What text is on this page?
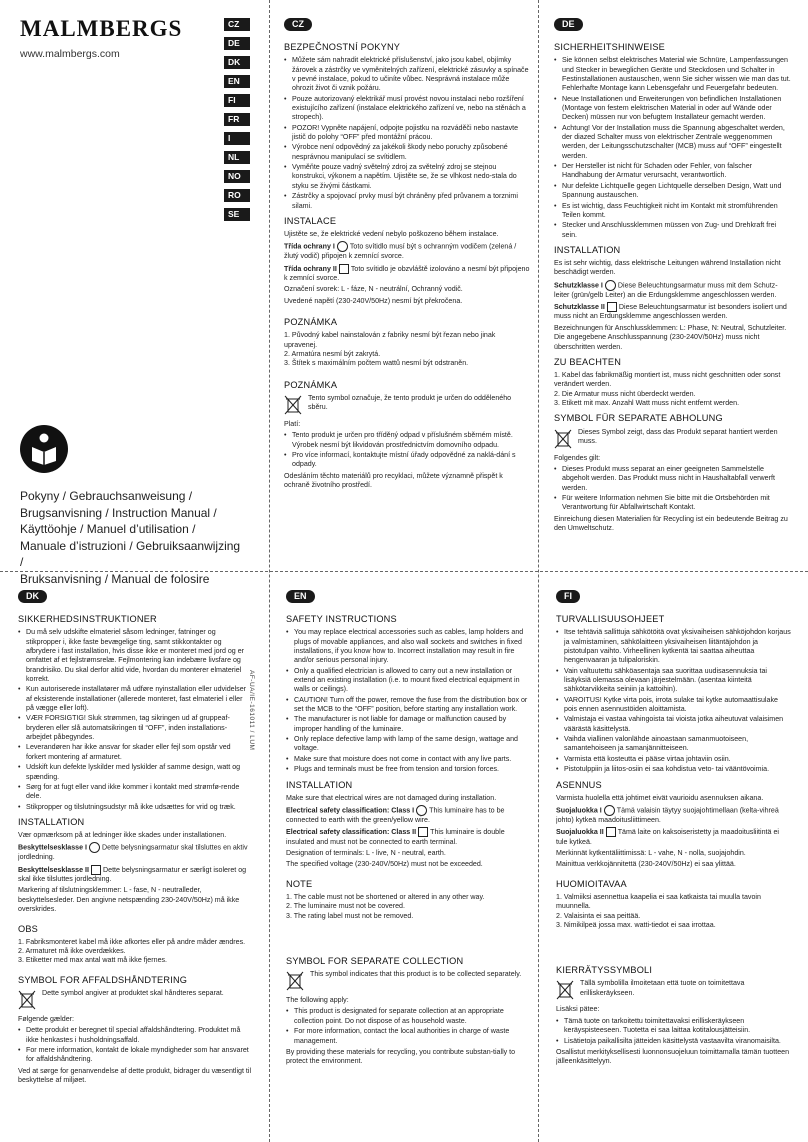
MALMBERGS
www.malmbergs.com
CZ
DE
DK
EN
FI
FR
I
NL
NO
RO
SE
Pokyny / Gebrauchsanweisung /
Brugsanvisning / Instruction Manual /
Käyttöohje / Manuel d’utilisation /
Manuale d’istruzioni / Gebruiksaanwijzing /
Bruksanvisning / Manual de folosire
AF-UA/IE-161011 / LUM
CZ
BEZPEČNOSTNÍ POKYNY
• Můžete sám nahradit elektrické příslušenství, jako jsou kabel, objímky žárovek a zástrčky ve vyměnitelných zařízení, elektrické zásuvky a spínače v pevné instalace, pokud to učiníte vůbec. Nesprávná instalace může ohrozit život či vznik požáru.
• Pouze autorizovaný elektrikář musí provést novou instalaci nebo rozšíření existujícího zařízení (instalace elektrického zařízení ve, nebo na stěnách a stropech).
• POZOR! Vypněte napájení, odpojte pojistku na rozváděči nebo nastavte jistič do polohy “OFF” před montážní prácou.
• Výrobce není odpovědný za jakékoli škody nebo poruchy způsobené nesprávnou manipulací se svítidlem.
• Vyměňte pouze vadný světelný zdroj za světelný zdroj se stejnou konstrukci, výkonem a napětím. Ujistěte se, že se vlhkost nedo-stala do styku se živými částkami.
• Zástrčky a spojovací prvky musí být chráněny před průvanem a torznimi silami.
INSTALACE

Ujistěte se, že elektrické vedení nebylo poškozeno během instalace.

Třída ochrany I Toto svítidlo musí být s ochranným vodičem (zelená / žlutý vodič) připojen k zemnící svorce.

Třída ochrany II Toto svítidlo je obzvláště izolováno a nesmí být připojeno k zemnící svorce.

Označení svorek: L - fáze, N - neutrální, Ochranný vodič.

Uvedené napětí (230-240V/50Hz) nesmí být překročena.

POZNÁMKA
1. Původný kabel nainstalován z fabriky nesmí být řezan nebo jinak upravenej.
2. Armatúra nesmí být zakrytá.
3. Štítek s maximálním počtem wattů nesmí být odstraněn.
POZNÁMKA

Tento symbol označuje, že tento produkt je určen do odděleného sběru.

Platí:

• Tento produkt je určen pro tříděný odpad v příslušném sběrném místě. Výrobek nesmí být likvidován prostřednictvím domovního odpadu.
• Pro více informací, kontaktujte místní úřady odpovědné za naklá-dání s odpady.

Odesláním těchto materiálů pro recyklaci, můžete významně přispět k ochraně životního prostředí.

DE
SICHERHEITSHINWEISE
• Sie können selbst elektrisches Material wie Schnüre, Lampenfassungen und Stecker in beweglichen Geräte und Steckdosen und Schalter in Festinstallationen austauschen, wenn Sie sicher wissen wie man das tut. Fehlerhafte Montage kann Lebensgefahr und Feuergefahr bedeuten.
• Neue Installationen und Erweiterungen von befindlichen Installationen (Montage von festem elektrischen Material in oder auf Wände oder Decken) müssen nur von befugtem Installateur gemacht werden.
• Achtung! Vor der Installation muss die Spannung abgeschaltet werden, der diazed Schalter muss von elektrischer Zentrale weggenommen werden, der Leitungsschutzschalter (MCB) muss auf “OFF” eingestellt werden.
• Der Hersteller ist nicht für Schaden oder Fehler, von falscher Handhabung der Armatur verursacht, verantwortlich.
• Nur defekte Lichtquelle gegen Lichtquelle derselben Design, Watt und Spannung austauschen.
• Es ist wichtig, dass Feuchtigkeit nicht im Kontakt mit stromführenden Teilen kommt.
• Stecker und Anschlussklemmen müssen von Zug- und Drehkraft frei sein.
INSTALLATION

Es ist sehr wichtig, dass elektrische Leitungen während Installation nicht beschädigt werden.

Schutzklasse I Diese Beleuchtungsarmatur muss mit dem Schutz-leiter (grün/gelb Leiter) an die Erdungsklemme angeschlossen werden.

Schutzklasse II Diese Beleuchtungsarmatur ist besonders isoliert und muss nicht an Erdungsklemme angeschlossen werden.

Bezeichnungen für Anschlussklemmen: L: Phase, N: Neutral, Schutzleiter. Die angegebene Anschlusspannung (230-240V/50Hz) muss nicht überschritten werden.

ZU BEACHTEN
1. Kabel das fabrikmäßig montiert ist, muss nicht geschnitten oder sonst verändert werden.
2. Die Armatur muss nicht überdeckt werden.
3. Etikett mit max. Anzahl Watt muss nicht entfernt werden.
SYMBOL FÜR SEPARATE ABHOLUNG

Dieses Symbol zeigt, dass das Produkt separat hantiert werden muss.

Folgendes gilt:

• Dieses Produkt muss separat an einer geeigneten Sammelstelle abgeholt werden. Das Produkt muss nicht in Haushaltabfall verwerft werden.
• Für weitere Information nehmen Sie bitte mit die Ortsbehörden mit Verantwortung für Abfallwirtschaft Kontakt.

Einreichung diesen Materialien für Recycling ist ein bedeutende Beitrag zu den Umweltschutz.

DK
SIKKERHEDSINSTRUKTIONER
• Du må selv udskifte elmateriel såsom ledninger, fatninger og stikpropper i, ikke faste bevægelige ting, samt stikkontakter og afbrydere i fast installation, hvis disse ikke er monteret med jord og er omfattet af et fejlstrømsrelæ. Fejlmontering kan indebære livsfare og brandrisiko. Du skal derfor altid vide, hvordan du monterer elmateriel korrekt.
• Kun autoriserede installatører må udføre nyinstallation eller udvidelser af eksisterende installationer (allerede monteret, fast elmateriel i eller på vægge eller loft).
• VÆR FORSIGTIG! Sluk strømmen, tag sikringen ud af gruppeaf-bryderen eller slå automatsikringen til “OFF”, inden installations-arbejdet påbegyndes.
• Leverandøren har ikke ansvar for skader eller fejl som opstår ved forkert montering af armaturet.
• Udskift kun defekte lyskilder med lyskilder af samme design, watt og spænding.
• Sørg for at fugt eller vand ikke kommer i kontakt med strømfø-rende dele.
• Stikpropper og tilslutningsudstyr må ikke udsættes for vrid og træk.
INSTALLATION

Vær opmærksom på at ledninger ikke skades under installationen.

Beskyttelsesklasse I Dette belysningsarmatur skal tilsluttes en aktiv jordledning.

Beskyttelsesklasse II Dette belysningsarmatur er særligt isoleret og skal ikke tilsluttes jordledning.

Markering af tilslutningsklemmer: L - fase, N - neutralleder, beskyttelsesleder. Den angivne netspænding 230-240V/50Hz) må ikke overskrides.

OBS
1. Fabriksmonteret kabel må ikke afkortes eller på andre måder ændres.
2. Armaturet må ikke overdækkes.
3. Etiketter med max antal watt må ikke fjernes.
SYMBOL FOR AFFALDSHÅNDTERING

Dette symbol angiver at produktet skal håndteres separat.

Følgende gælder:

• Dette produkt er beregnet til special affaldshåndtering. Produktet må ikke henkastes i husholdningsaffald.
• For mere information, kontakt de lokale myndigheder som har ansvaret for affaldshåndtering.

Ved at sørge for genanvendelse af dette produkt, bidrager du væsentligt til beskyttelse af miljøet.

EN
SAFETY INSTRUCTIONS
• You may replace electrical accessories such as cables, lamp holders and plugs of movable appliances, and also wall sockets and switches in fixed installations, if you know how to. Incorrect installation may result in fire and/or serious personal injury.
• Only a qualified electrician is allowed to carry out a new installation or extend an existing installation (i.e. to mount fixed electrical equipment in walls or ceilings).
• CAUTION! Turn off the power, remove the fuse from the distribution box or set the MCB to the “OFF” position, before starting any installation work.
• The manufacturer is not liable for damage or malfunction caused by improper handling of the luminaire.
• Only replace defective lamp with lamp of the same design, wattage and voltage.
• Make sure that moisture does not come in contact with any live parts.
• Plugs and terminals must be free from tension and torsion forces.
INSTALLATION

Make sure that electrical wires are not damaged during installation.

Electrical safety classification: Class I This luminaire has to be connected to earth with the green/yellow wire.

Electrical safety classification: Class II This luminaire is double insulated and must not be connected to earth terminal.

Designation of terminals: L - live, N - neutral, earth.

The specified voltage (230-240V/50Hz) must not be exceeded.

NOTE
1. The cable must not be shortened or altered in any other way.
2. The luminaire must not be covered.
3. The rating label must not be removed.
SYMBOL FOR SEPARATE COLLECTION

This symbol indicates that this product is to be collected separately.

The following apply:

• This product is designated for separate collection at an appropriate collection point. Do not dispose of as household waste.
• For more information, contact the local authorities in charge of waste management.

By providing these materials for recycling, you contribute substan-tially to protect the environment.

FI
TURVALLISUUSOHJEET
• Itse tehtäviä sallittuja sähkötöitä ovat yksivaiheisen sähköjohdon korjaus ja valmistaminen, sähkölaitteen yksivaiheisen liitäntäjohdon ja pistotulpan vaihto. Virheellinen kytkentä tai saattaa aiheuttaa hengenvaaran ja tulipaloriskin.
• Vain valtuutettu sähköasentaja saa suorittaa uudisasennuksia tai lisäyksiä olemassa olevaan järjestelmään. (asentaa kiinteitä sähkötarvikkeita seiniin ja kattoihin).
• VAROITUS! Kytke virta pois, irrota sulake tai kytke automaattisulake pois ennen asennustöiden aloittamista.
• Valmistaja ei vastaa vahingoista tai vioista jotka aiheutuvat valaisimen väärästä käsittelystä.
• Vaihda viallinen valonlähde ainoastaan samanmuotoiseen, samantehoiseen ja samanjännitteiseen.
• Varmista että kosteutta ei pääse virtaa johtaviin osiin.
• Pistotulppiin ja liitos-osiin ei saa kohdistua veto- tai vääntövoimia.
ASENNUS

Varmista huolella että johtimet eivät vaurioidu asennuksen aikana.

Suojaluokka I Tämä valaisin täytyy suojajohtimellaan (kelta-vihreä johto) kytkeä maadoitusliittimeen.

Suojaluokka II Tämä laite on kaksoiseristetty ja maadoitusliitintä ei tule kytkeä.

Merkinnät kytkentäliittimissä: L - vahe, N - nolla, suojajohdin.

Mainittua verkkojännitettä (230-240V/50Hz) ei saa ylittää.

HUOMIOITAVAA
1. Valmiiksi asennettua kaapelia ei saa katkaista tai muulla tavoin muunnella.
2. Valaisinta ei saa peittää.
3. Nimikilpeä jossa max. watti-tiedot ei saa irrottaa.
KIERRÄTYSSYMBOLI

Tällä symbolilla ilmoitetaan että tuote on toimitettava erilliskeräykseen.

Lisäksi pätee:

• Tämä tuote on tarkoitettu toimitettavaksi erilliskeräykseen keräyspisteeseen. Tuotetta ei saa laittaa kotitalousjätteisiin.
• Lisätietoja paikallisilta jätteiden käsittelystä vastaavilta viranomaisilta.

Osallistut merkityksellisesti luonnonsuojeluun toimittamalla tämän tuotteen jälleenkäsittelyyn.
